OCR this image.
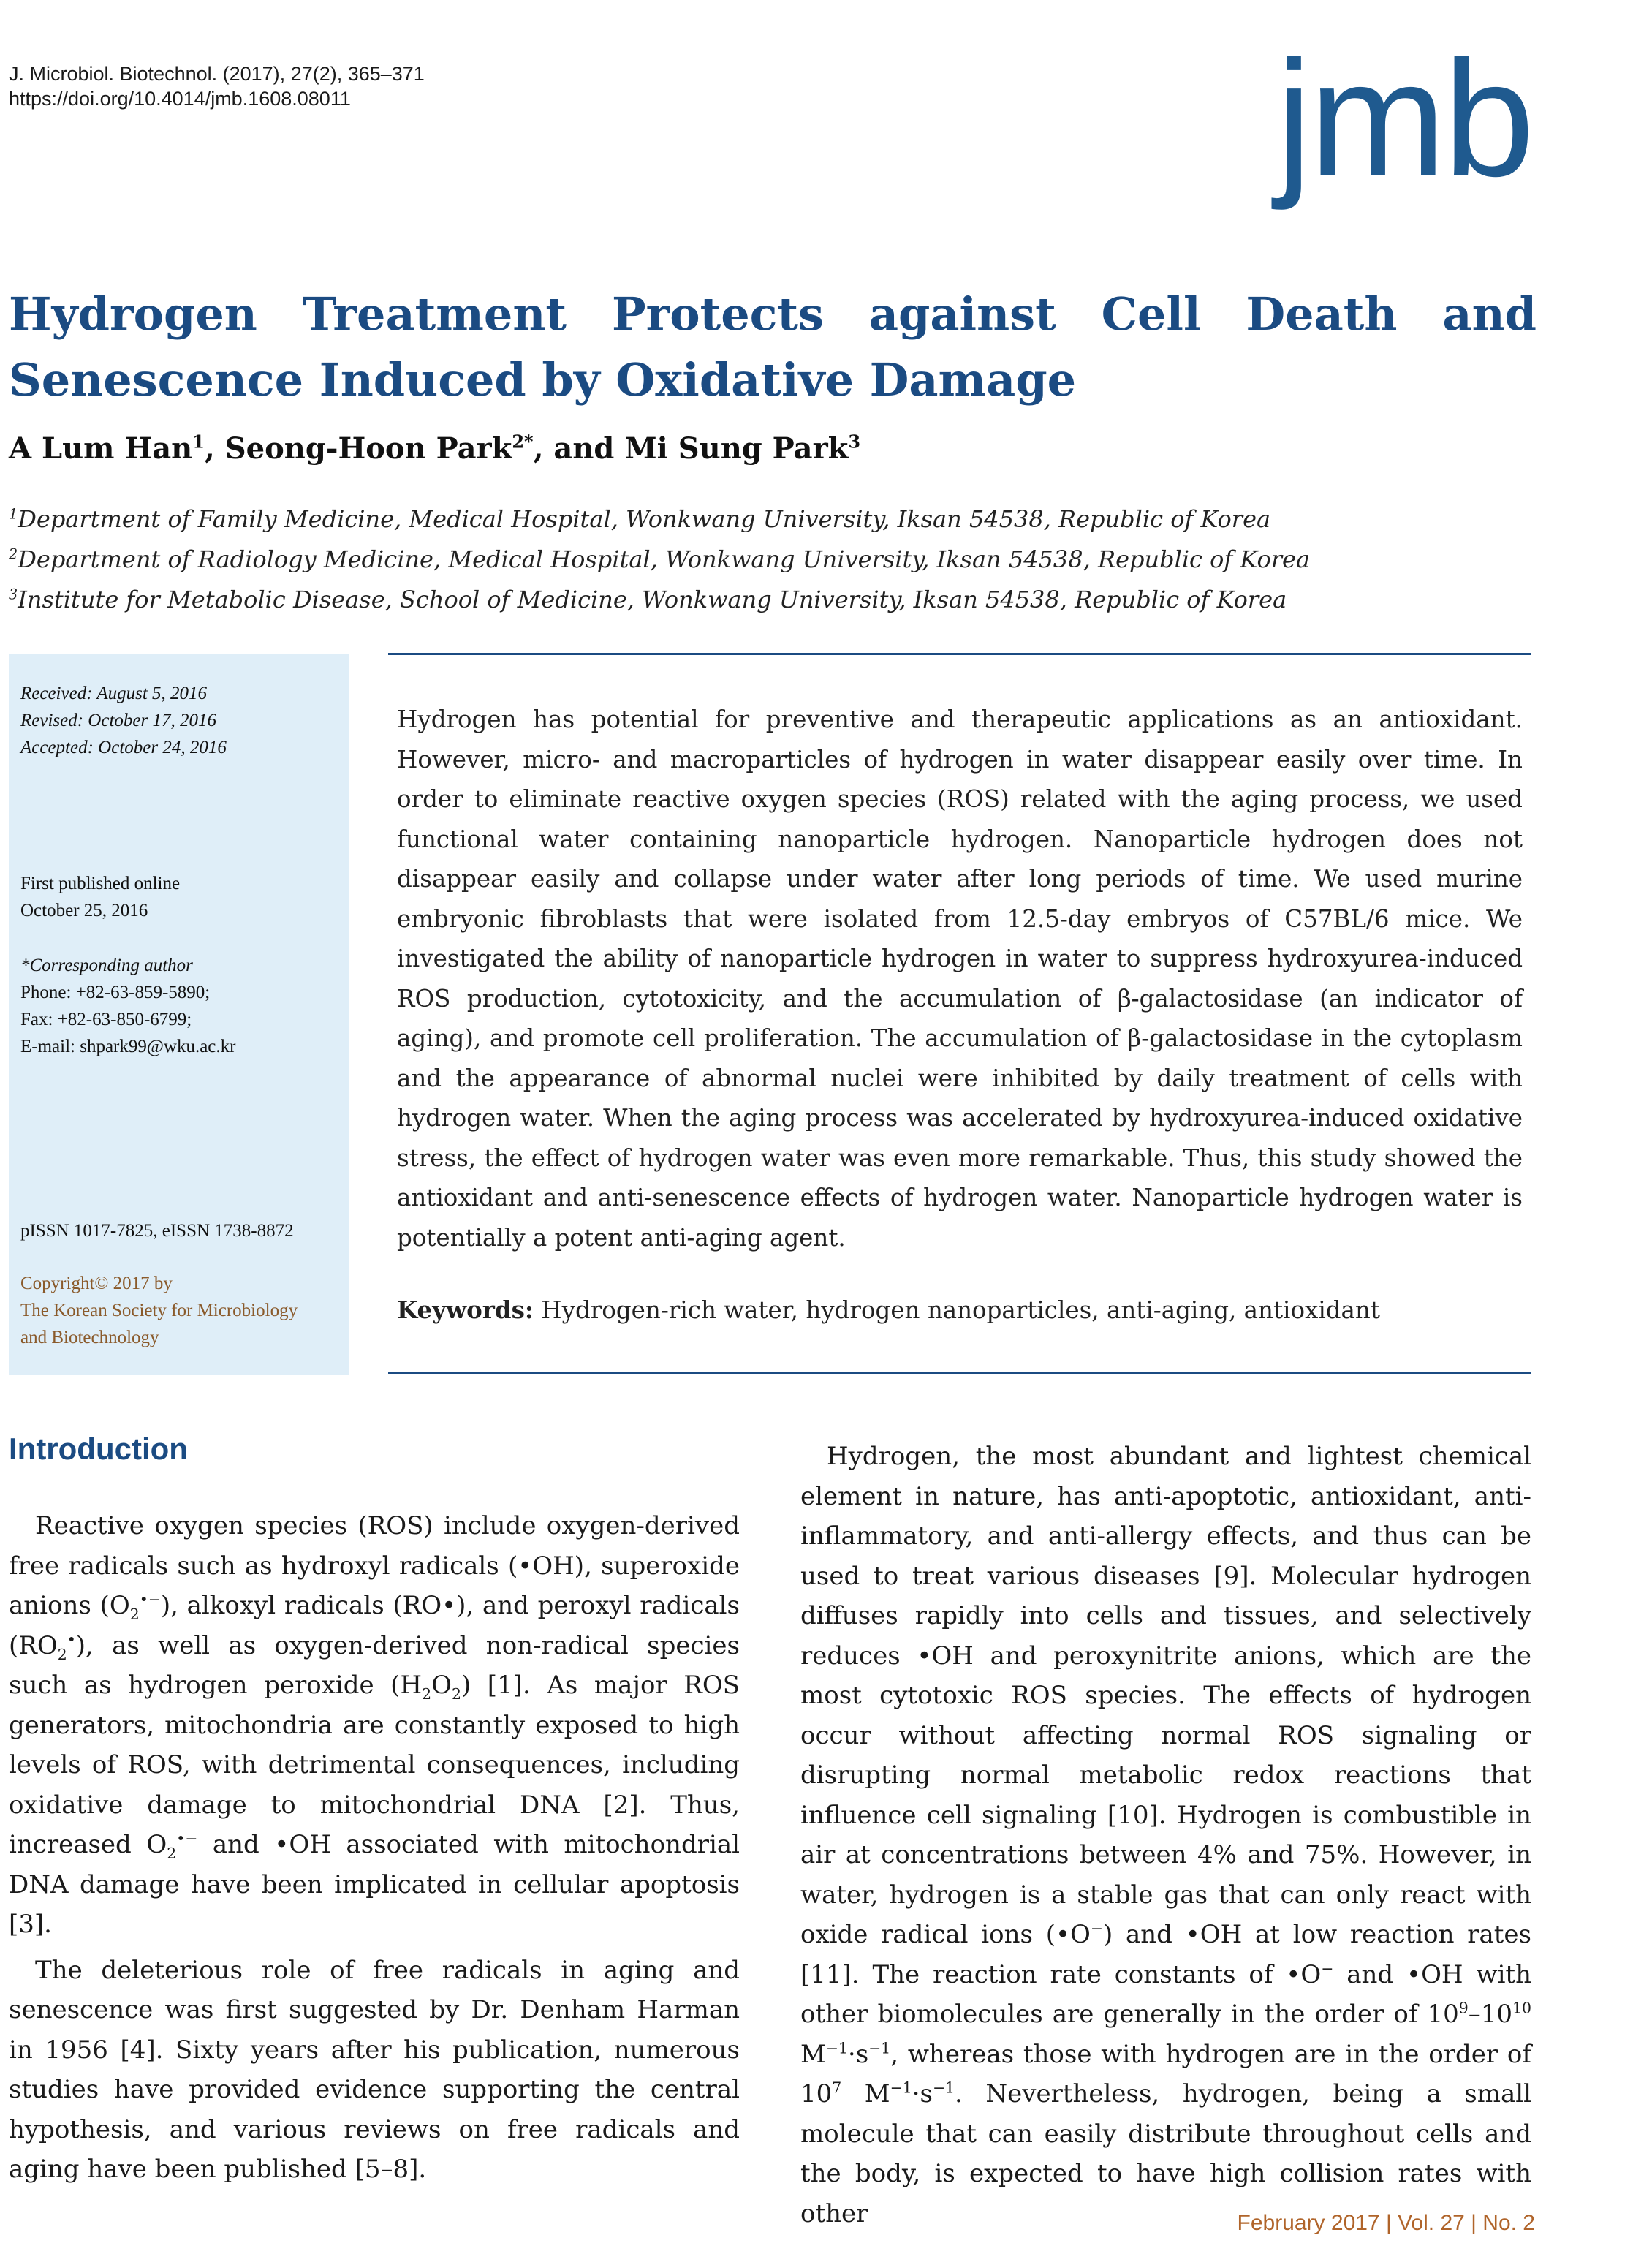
J. Microbiol. Biotechnol. (2017), 27(2), 365–371
https://doi.org/10.4014/jmb.1608.08011	jmb
Hydrogen Treatment Protects against Cell Death and Senescence Induced by Oxidative Damage
A Lum Han$^1$, Seong-Hoon Park$^{2*}$, and Mi Sung Park$^3$
$^1$Department of Family Medicine, Medical Hospital, Wonkwang University, Iksan 54538, Republic of Korea
$^2$Department of Radiology Medicine, Medical Hospital, Wonkwang University, Iksan 54538, Republic of Korea
$^3$Institute for Metabolic Disease, School of Medicine, Wonkwang University, Iksan 54538, Republic of Korea
Received: August 5, 2016
Revised: October 17, 2016
Accepted: October 24, 2016
First published online
October 25, 2016
*Corresponding author
Phone: +82-63-859-5890;
Fax: +82-63-850-6799;
E-mail: shpark99@wku.ac.kr
pISSN 1017-7825, eISSN 1738-8872
Copyright© 2017 by
The Korean Society for Microbiology
and Biotechnology
Hydrogen has potential for preventive and therapeutic applications as an antioxidant. However, micro- and macroparticles of hydrogen in water disappear easily over time. In order to eliminate reactive oxygen species (ROS) related with the aging process, we used functional water containing nanoparticle hydrogen. Nanoparticle hydrogen does not disappear easily and collapse under water after long periods of time. We used murine embryonic fibroblasts that were isolated from 12.5-day embryos of C57BL/6 mice. We investigated the ability of nanoparticle hydrogen in water to suppress hydroxyurea-induced ROS production, cytotoxicity, and the accumulation of β-galactosidase (an indicator of aging), and promote cell proliferation. The accumulation of β-galactosidase in the cytoplasm and the appearance of abnormal nuclei were inhibited by daily treatment of cells with hydrogen water. When the aging process was accelerated by hydroxyurea-induced oxidative stress, the effect of hydrogen water was even more remarkable. Thus, this study showed the antioxidant and anti-senescence effects of hydrogen water. Nanoparticle hydrogen water is potentially a potent anti-aging agent.
Keywords: Hydrogen-rich water, hydrogen nanoparticles, anti-aging, antioxidant
Introduction

Reactive oxygen species (ROS) include oxygen-derived free radicals such as hydroxyl radicals (•OH), superoxide anions $(O_2^{•-})$, alkoxyl radicals (RO•), and peroxyl radicals $(RO_2^•)$, as well as oxygen-derived non-radical species such as hydrogen peroxide $(H_2O_2)$ [1]. As major ROS generators, mitochondria are constantly exposed to high levels of ROS, with detrimental consequences, including oxidative damage to mitochondrial DNA [2]. Thus, increased $O_2^{•-}$ and •OH associated with mitochondrial DNA damage have been implicated in cellular apoptosis [3].

The deleterious role of free radicals in aging and senescence was first suggested by Dr. Denham Harman in 1956 [4]. Sixty years after his publication, numerous studies have provided evidence supporting the central hypothesis, and various reviews on free radicals and aging have been published [5–8].

Hydrogen, the most abundant and lightest chemical element in nature, has anti-apoptotic, antioxidant, anti-inflammatory, and anti-allergy effects, and thus can be used to treat various diseases [9]. Molecular hydrogen diffuses rapidly into cells and tissues, and selectively reduces •OH and peroxynitrite anions, which are the most cytotoxic ROS species. The effects of hydrogen occur without affecting normal ROS signaling or disrupting normal metabolic redox reactions that influence cell signaling [10]. Hydrogen is combustible in air at concentrations between 4% and 75%. However, in water, hydrogen is a stable gas that can only react with oxide radical ions (•O−) and •OH at low reaction rates [11]. The reaction rate constants of •O− and •OH with other biomolecules are generally in the order of $10^9-10^{10}$ $M^{-1}\cdot s^{-1}$, whereas those with hydrogen are in the order of $10^7$ $M^{-1}\cdot s^{-1}$. Nevertheless, hydrogen, being a small molecule that can easily distribute throughout cells and the body, is expected to have high collision rates with other	February 2017 | Vol. 27 | No. 2
